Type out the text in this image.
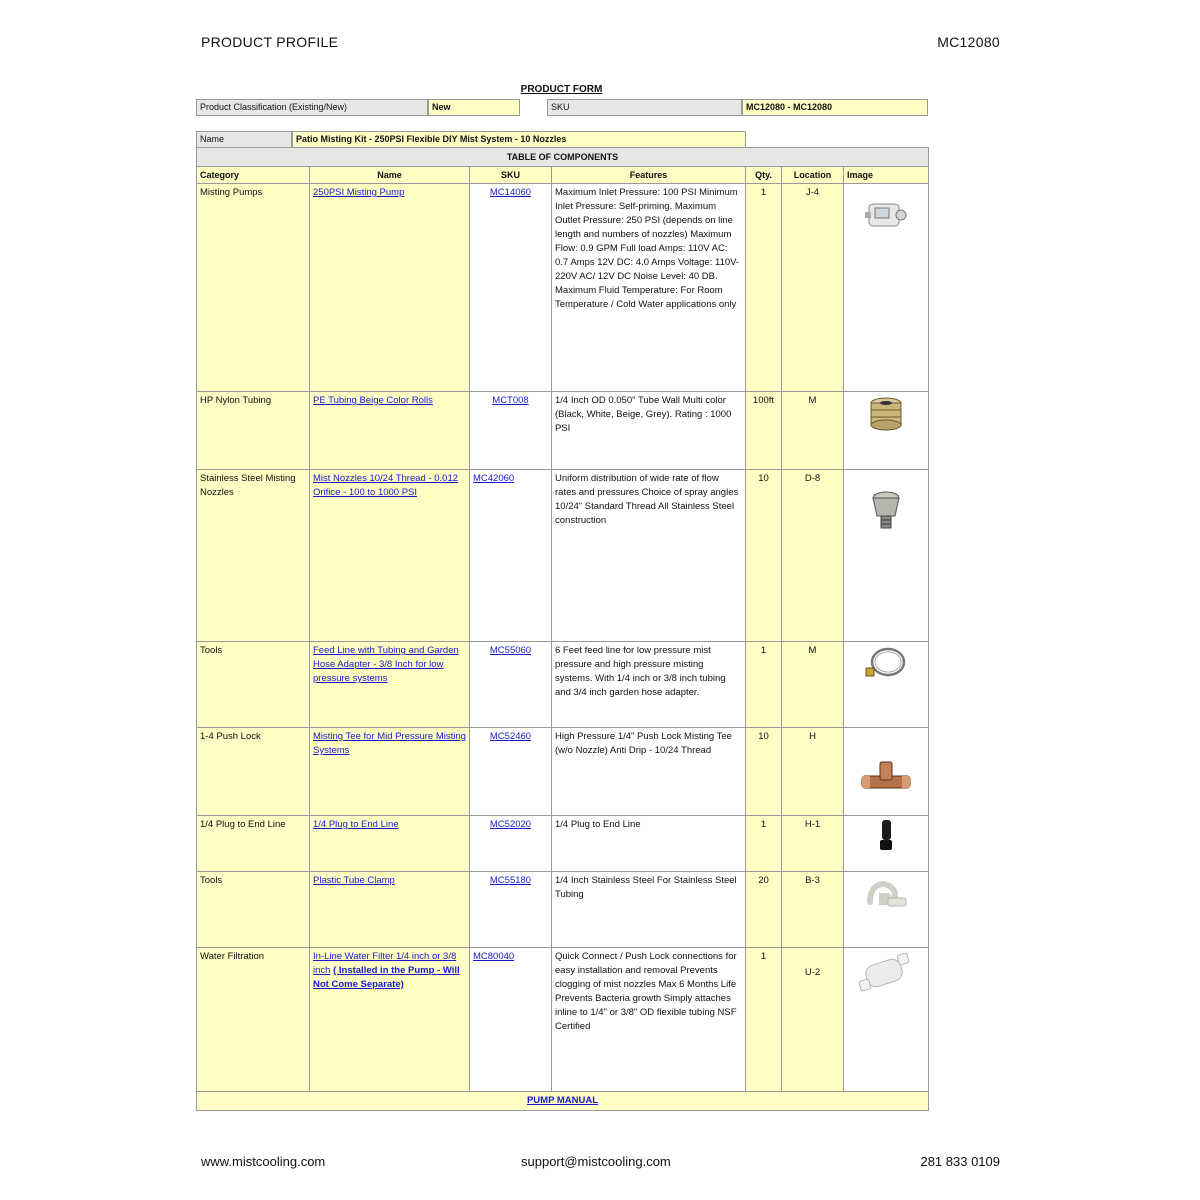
PRODUCT PROFILE	MC12080
PRODUCT FORM
Product Classification (Existing/New)	New	SKU	MC12080 - MC12080
Name	Patio Misting Kit - 250PSI Flexible DIY Mist System - 10 Nozzles
TABLE OF COMPONENTS						
Category	Name	SKU	Features	Qty.	Location	Image
Misting Pumps	250PSI Misting Pump	MC14060	Maximum Inlet Pressure: 100 PSI Minimum Inlet Pressure: Self-priming. Maximum Outlet Pressure: 250 PSI (depends on line length and numbers of nozzles) Maximum Flow: 0.9 GPM Full load Amps: 110V AC: 0.7 Amps 12V DC: 4.0 Amps Voltage: 110V-220V AC/ 12V DC Noise Level: 40 DB. Maximum Fluid Temperature: For Room Temperature / Cold Water applications only	1	J-4	
HP Nylon Tubing	PE Tubing Beige Color Rolls	MCT008	1/4 Inch OD 0.050" Tube Wall Multi color (Black, White, Beige, Grey). Rating : 1000 PSI	100ft	M	
Stainless Steel Misting Nozzles	Mist Nozzles 10/24 Thread - 0.012 Orifice - 100 to 1000 PSI	MC42060	Uniform distribution of wide rate of flow rates and pressures Choice of spray angles 10/24" Standard Thread All Stainless Steel construction	10	D-8	
Tools	Feed Line with Tubing and Garden Hose Adapter - 3/8 Inch for low pressure systems	MC55060	6 Feet feed line for low pressure mist pressure and high pressure misting systems. With 1/4 inch or 3/8 inch tubing and 3/4 inch garden hose adapter.	1	M	
1-4 Push Lock	Misting Tee for Mid Pressure Misting Systems	MC52460	High Pressure 1/4" Push Lock Misting Tee (w/o Nozzle) Anti Drip - 10/24 Thread	10	H	
1/4 Plug to End Line	1/4 Plug to End Line	MC52020	1/4 Plug to End Line	1	H-1	
Tools	Plastic Tube Clamp	MC55180	1/4 Inch Stainless Steel For Stainless Steel Tubing	20	B-3	
Water Filtration	In-Line Water Filter 1/4 inch or 3/8 inch ( Installed in the Pump - Will Not Come Separate)	MC80040	Quick Connect / Push Lock connections for easy installation and removal Prevents clogging of mist nozzles Max 6 Months Life Prevents Bacteria growth Simply attaches inline to 1/4" or 3/8" OD flexible tubing NSF Certified	1	U-2	
PUMP MANUAL						
www.mistcooling.com	support@mistcooling.com	281 833 0109
